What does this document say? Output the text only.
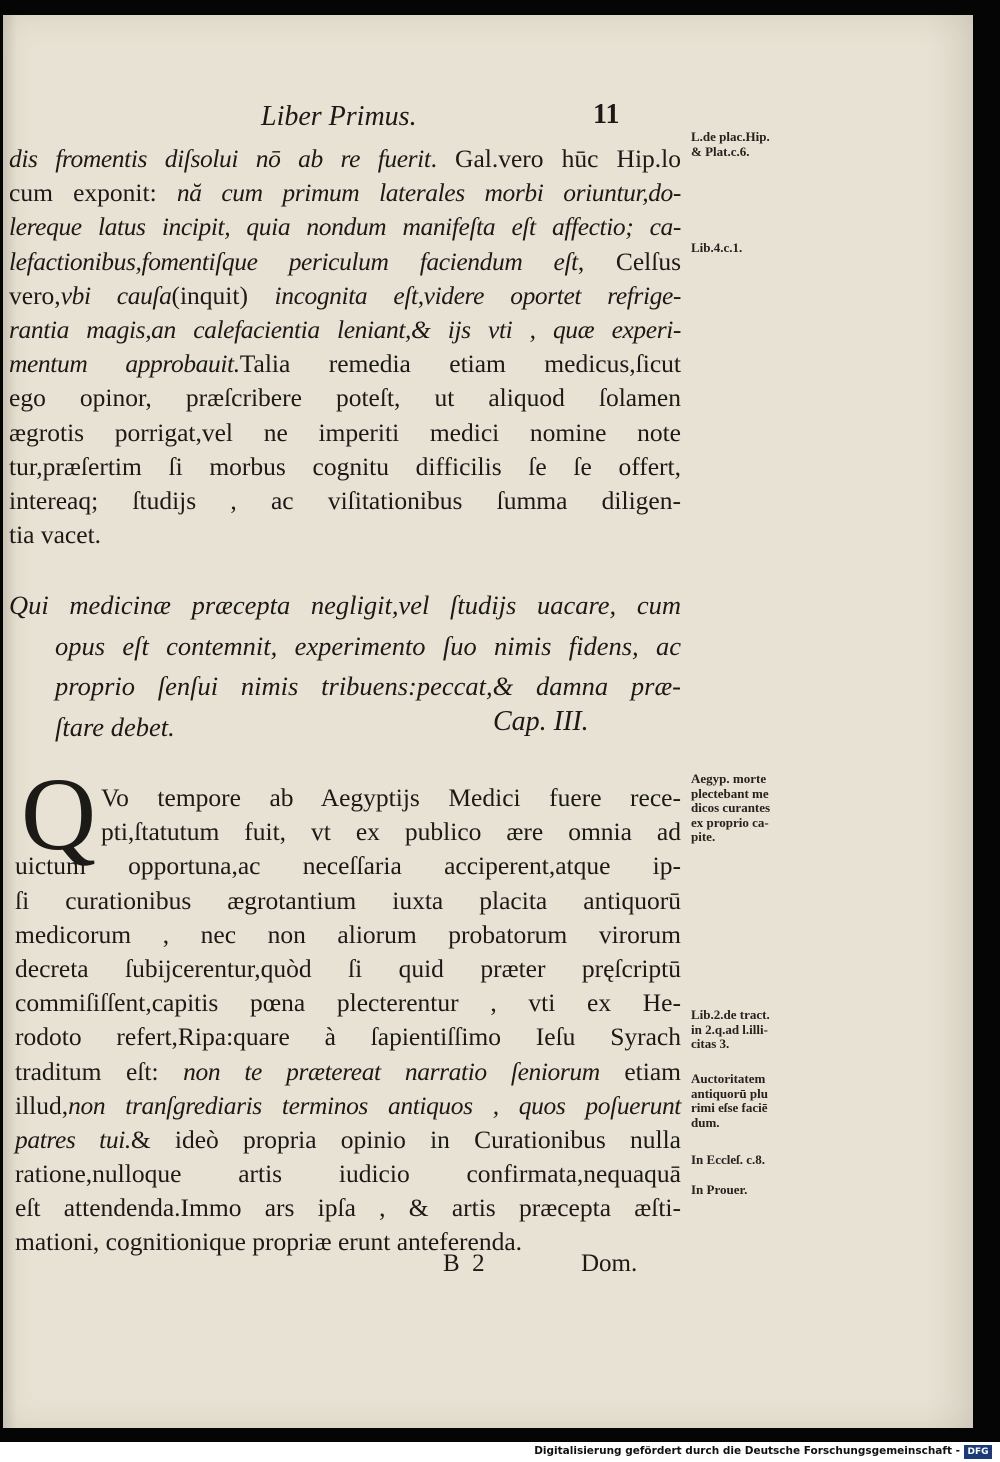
Liber Primus.	11
dis fromentis diſsolui nō ab re fuerit. Gal.vero hūc Hip.lo
cum exponit: nă cum primum laterales morbi oriuntur,do-
lereque latus incipit, quia nondum manifeſta eſt affectio; ca-
lefactionibus,fomentiſque periculum faciendum eſt, Celſus
vero,vbi cauſa(inquit) incognita eſt,videre oportet refrige-
rantia magis,an calefacientia leniant,& ijs vti , quæ experi-
mentum approbauit.Talia remedia etiam medicus,ſicut
ego opinor, præſcribere poteſt, ut aliquod ſolamen
ægrotis porrigat,vel ne imperiti medici nomine note
tur,præſertim ſi morbus cognitu difficilis ſe ſe offert,
intereaq; ſtudijs , ac viſitationibus ſumma diligen-
tia vacet.
Qui medicinæ præcepta negligit,vel ſtudijs uacare, cum
opus eſt contemnit, experimento ſuo nimis fidens, ac
proprio ſenſui nimis tribuens:peccat,& damna præ-
ſtare debet.	Cap. III.
Q Vo tempore ab Aegyptijs Medici fuere rece-
pti,ſtatutum fuit, vt ex publico ære omnia ad
uictum opportuna,ac neceſſaria acciperent,atque ip-
ſi curationibus ægrotantium iuxta placita antiquorū
medicorum , nec non aliorum probatorum virorum
decreta ſubijcerentur,quòd ſi quid præter pręſcriptū
commiſiſſent,capitis pœna plecterentur , vti ex He-
rodoto refert,Ripa:quare à ſapientiſſimo Ieſu Syrach
traditum eſt: non te prætereat narratio ſeniorum etiam
illud,non tranſgrediaris terminos antiquos , quos poſuerunt
patres tui.& ideò propria opinio in Curationibus nulla
ratione,nulloque artis iudicio confirmata,nequaquā
eſt attendenda.Immo ars ipſa , & artis præcepta æſti-
mationi, cognitionique propriæ erunt anteferenda.
B  2	Dom.
L.de plac.Hip.
& Plat.c.6.
Lib.4.c.1.
Aegyp. morte
plectebant me
dicos curantes
ex proprio ca-
pite.
Lib.2.de tract.
in 2.q.ad l.illi-
citas 3.
Auctoritatem
antiquorū plu
rimi eſse faciē
dum.
In Eccleſ. c.8.
In Prouer.
Digitalisierung gefördert durch die Deutsche Forschungsgemeinschaft - DFG
